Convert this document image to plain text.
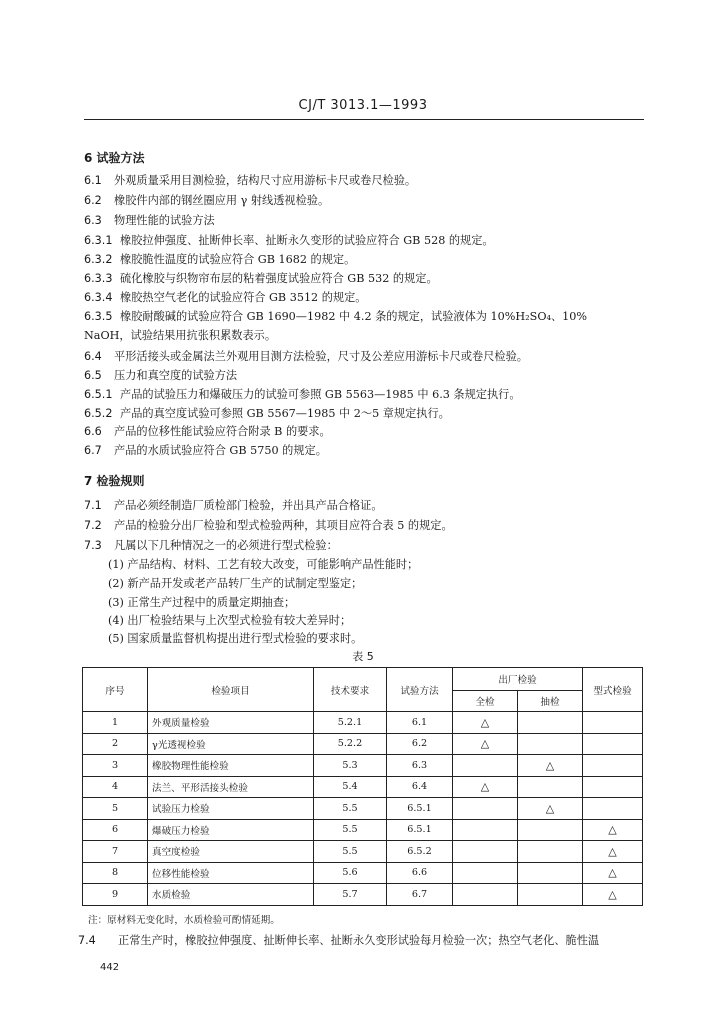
CJ/T 3013.1—1993
6 试验方法
6.1 外观质量采用目测检验，结构尺寸应用游标卡尺或卷尺检验。
6.2 橡胶件内部的钢丝圈应用 γ 射线透视检验。
6.3 物理性能的试验方法
6.3.1 橡胶拉伸强度、扯断伸长率、扯断永久变形的试验应符合 GB 528 的规定。
6.3.2 橡胶脆性温度的试验应符合 GB 1682 的规定。
6.3.3 硫化橡胶与织物帘布层的粘着强度试验应符合 GB 532 的规定。
6.3.4 橡胶热空气老化的试验应符合 GB 3512 的规定。
6.3.5 橡胶耐酸碱的试验应符合 GB 1690—1982 中 4.2 条的规定，试验液体为 10%H₂SO₄、10%
NaOH，试验结果用抗张积累数表示。
6.4 平形活接头或金属法兰外观用目测方法检验，尺寸及公差应用游标卡尺或卷尺检验。
6.5 压力和真空度的试验方法
6.5.1 产品的试验压力和爆破压力的试验可参照 GB 5563—1985 中 6.3 条规定执行。
6.5.2 产品的真空度试验可参照 GB 5567—1985 中 2～5 章规定执行。
6.6 产品的位移性能试验应符合附录 B 的要求。
6.7 产品的水质试验应符合 GB 5750 的规定。
7 检验规则
7.1 产品必须经制造厂质检部门检验，并出具产品合格证。
7.2 产品的检验分出厂检验和型式检验两种，其项目应符合表 5 的规定。
7.3 凡属以下几种情况之一的必须进行型式检验：
(1) 产品结构、材料、工艺有较大改变，可能影响产品性能时；
(2) 新产品开发或老产品转厂生产的试制定型鉴定；
(3) 正常生产过程中的质量定期抽查；
(4) 出厂检验结果与上次型式检验有较大差异时；
(5) 国家质量监督机构提出进行型式检验的要求时。
表 5
序号	检验项目	技术要求	试验方法	出厂检验		型式检验
				全检	抽检	
1	外观质量检验	5.2.1	6.1	△		
2	γ光透视检验	5.2.2	6.2	△		
3	橡胶物理性能检验	5.3	6.3		△	
4	法兰、平形活接头检验	5.4	6.4	△		
5	试验压力检验	5.5	6.5.1		△	
6	爆破压力检验	5.5	6.5.1			△
7	真空度检验	5.5	6.5.2			△
8	位移性能检验	5.6	6.6			△
9	水质检验	5.7	6.7			△
注：原材料无变化时，水质检验可酌情延期。
7.4 正常生产时，橡胶拉伸强度、扯断伸长率、扯断永久变形试验每月检验一次；热空气老化、脆性温
442
